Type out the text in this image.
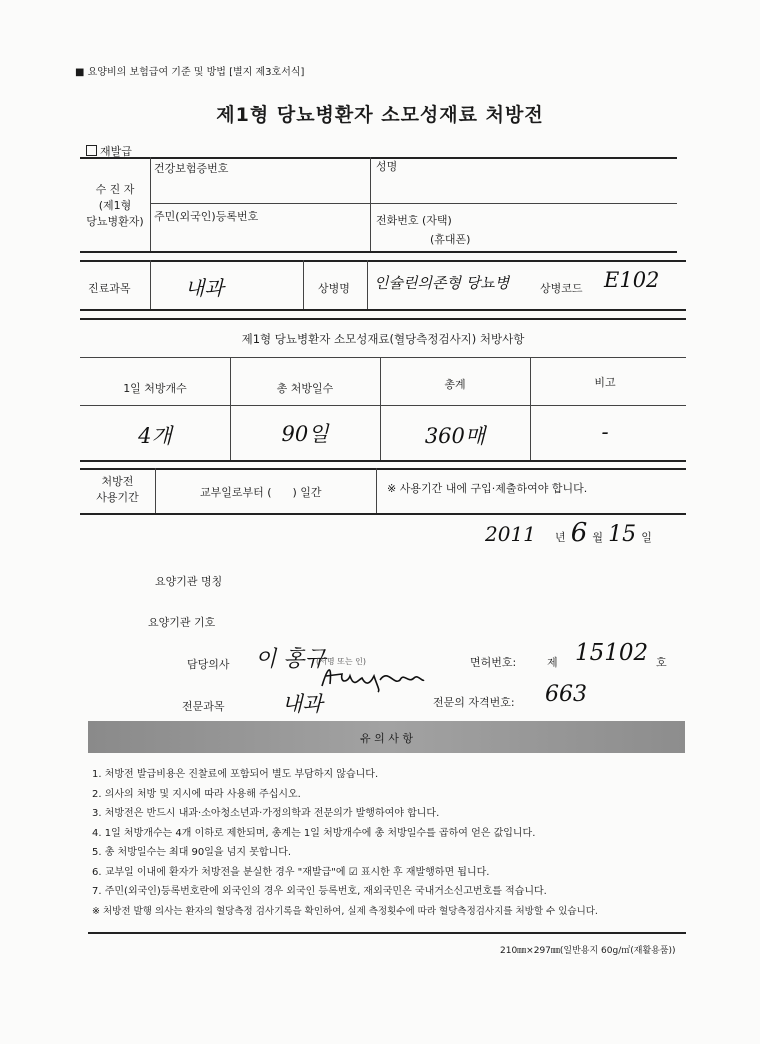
■ 요양비의 보험급여 기준 및 방법 [별지 제3호서식]
제1형 당뇨병환자 소모성재료 처방전
재발급
수 진 자
(제1형
당뇨병환자)
건강보험증번호	성명
주민(외국인)등록번호	전화번호 (자택)
(휴대폰)
진료과목	내과	상병명 인슐린의존형 당뇨병	상병코드 E102
제1형 당뇨병환자 소모성재료(혈당측정검사지) 처방사항
1일 처방개수	총 처방일수	총계	비고
4개	90일	360매	-
처방전
사용기간	교부일로부터 (      ) 일간	※ 사용기간 내에 구입·제출하여야 합니다.
2011 년 6 월 15 일
요양기관 명칭
요양기관 기호
담당의사 이 홍규
(서명 또는 인)	면허번호:	제 15102 호
전문과목	내과	전문의 자격번호: 663
유 의 사 항
1. 처방전 발급비용은 진찰료에 포함되어 별도 부담하지 않습니다.
2. 의사의 처방 및 지시에 따라 사용해 주십시오.
3. 처방전은 반드시 내과·소아청소년과·가정의학과 전문의가 발행하여야 합니다.
4. 1일 처방개수는 4개 이하로 제한되며, 총계는 1일 처방개수에 총 처방일수를 곱하여 얻은 값입니다.
5. 총 처방일수는 최대 90일을 넘지 못합니다.
6. 교부일 이내에 환자가 처방전을 분실한 경우 "재발급"에 ☑ 표시한 후 재발행하면 됩니다.
7. 주민(외국인)등록번호란에 외국인의 경우 외국인 등록번호, 재외국민은 국내거소신고번호를 적습니다.
※ 처방전 발행 의사는 환자의 혈당측정 검사기록을 확인하여, 실제 측정횟수에 따라 혈당측정검사지를 처방할 수 있습니다.
210㎜×297㎜(일반용지 60g/㎡(재활용품))
